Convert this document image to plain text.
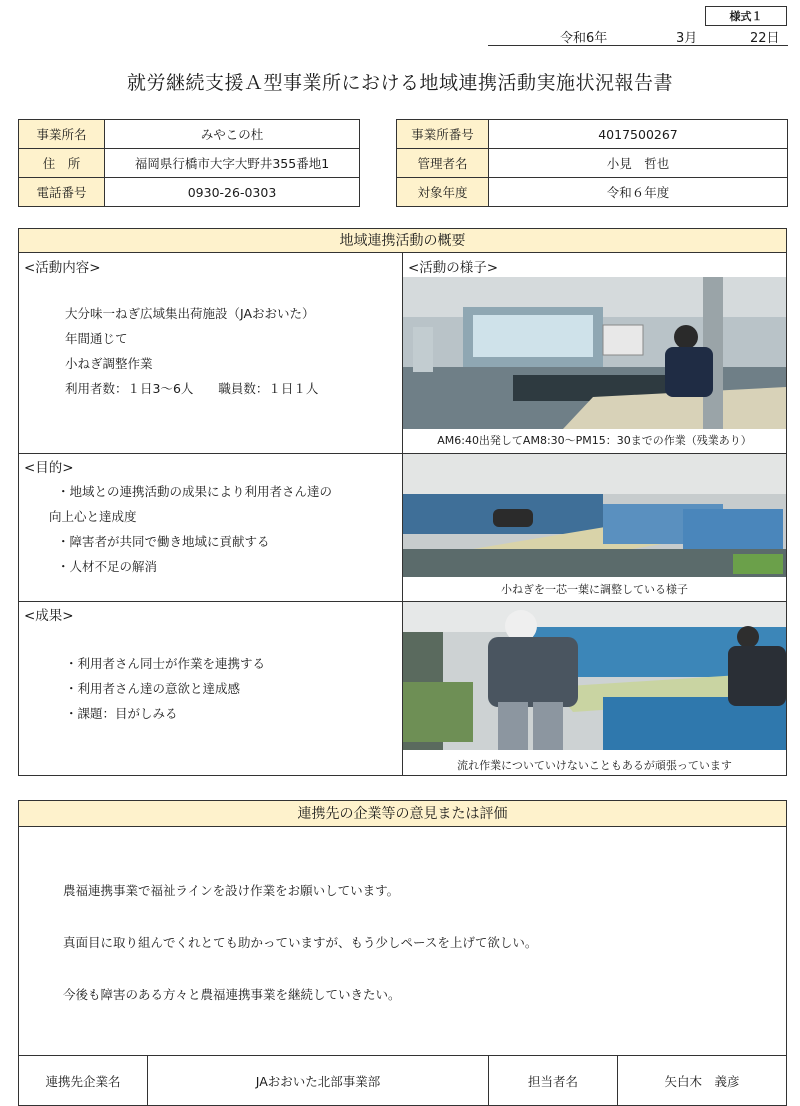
様式１
令和6年	3月	22日
就労継続支援Ａ型事業所における地域連携活動実施状況報告書
事業所名	みやこの杜
住　所	福岡県行橋市大字大野井355番地1
電話番号	0930-26-0303
事業所番号	4017500267
管理者名	小見　哲也
対象年度	令和６年度
地域連携活動の概要
<活動内容>
大分味一ねぎ広域集出荷施設（JAおおいた）
年間通じて
小ねぎ調整作業
利用者数：１日3～6人　　職員数：１日１人
<目的>
・地域との連携活動の成果により利用者さん達の
向上心と達成度
・障害者が共同で働き地域に貢献する
・人材不足の解消
<成果>
・利用者さん同士が作業を連携する
・利用者さん達の意欲と達成感
・課題：目がしみる
<活動の様子>
AM6:40出発してAM8:30～PM15：30までの作業（残業あり）
小ねぎを一芯一葉に調整している様子
流れ作業についていけないこともあるが頑張っています
連携先の企業等の意見または評価
農福連携事業で福祉ラインを設け作業をお願いしています。
真面目に取り組んでくれとても助かっていますが、もう少しペースを上げて欲しい。
今後も障害のある方々と農福連携事業を継続していきたい。
連携先企業名	JAおおいた北部事業部	担当者名	矢白木　義彦
